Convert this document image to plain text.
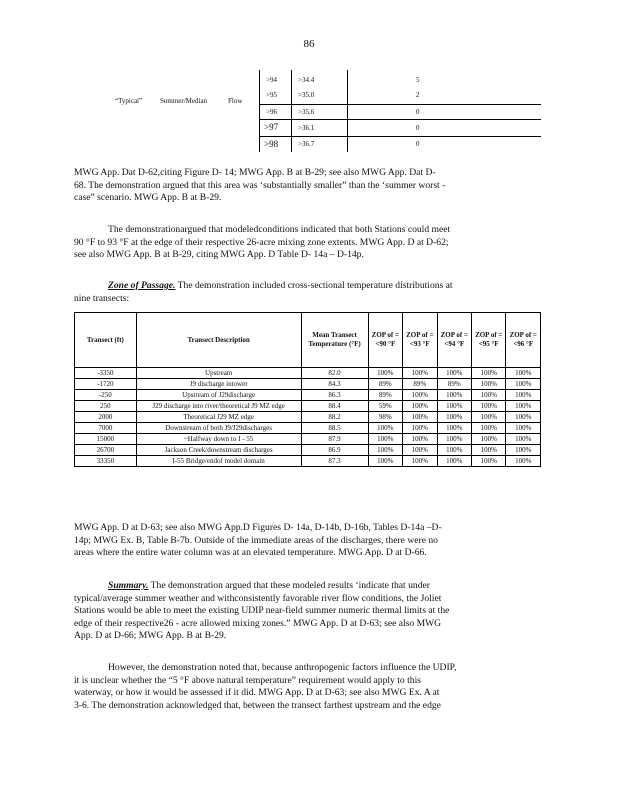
86
“Typical”	Summer/Median	Flow
>94	>34.4	5
>95	>35.0	2
>96	>35.6	0
>97	>36.1	0
>98	>36.7	0
MWG App. Dat D-62,citing Figure D- 14; MWG App. B at B-29; see also MWG App. Dat D-
68. The demonstration argued that this area was ‘substantially smaller” than the ‘summer worst -
case” scenario. MWG App. B at B-29.
The demonstrationargued that modeledconditions indicated that both Stations could meet
90 °F to 93 °F at the edge of their respective 26-acre mixing zone extents. MWG App. D at D-62;
see also MWG App. B at B-29, citing MWG App. D Table D- 14a – D-14p.
Zone of Passage. The demonstration included cross-sectional temperature distributions at
nine transects:
Transect (ft)	Transect Description	Mean Transect Temperature (°F)	ZOP of =<90 °F	ZOP of =<93 °F	ZOP of =<94 °F	ZOP of =<95 °F	ZOP of =<96 °F
-3350	Upstream	82.0	100%	100%	100%	100%	100%
-1720	J9 discharge intower	84.3	89%	89%	89%	100%	100%
-250	Upstream of J29discharge	86.3	89%	100%	100%	100%	100%
250	J29 discharge into river/theoretical J9 MZ edge	88.4	59%	100%	100%	100%	100%
2000	Theoretical J29 MZ edge	88.2	98%	100%	100%	100%	100%
7000	Downstream of both J9/J29discharges	88.5	100%	100%	100%	100%	100%
15000	~Halfway down to I - 55	87.9	100%	100%	100%	100%	100%
26700	Jackson Creek/downstream discharges	86.9	100%	100%	100%	100%	100%
33350	I-55 Bridge/endof model domain	87.3	100%	100%	100%	100%	100%
MWG App. D at D-63; see also MWG App.D Figures D- 14a, D-14b, D-16b, Tables D-14a –D-
14p; MWG Ex. B, Table B-7b. Outside of the immediate areas of the discharges, there were no
areas where the entire water column was at an elevated temperature. MWG App. D at D-66.
Summary. The demonstration argued that these modeled results ‘indicate that under
typical/average summer weather and withconsistently favorable river flow conditions, the Joliet
Stations would be able to meet the existing UDIP near-field summer numeric thermal limits at the
edge of their respective26 - acre allowed mixing zones.” MWG App. D at D-63; see also MWG
App. D at D-66; MWG App. B at B-29.
However, the demonstration noted that, because anthropogenic factors influence the UDIP,
it is unclear whether the “5 °F above natural temperature” requirement would apply to this
waterway, or how it would be assessed if it did. MWG App. D at D-63; see also MWG Ex. A at
3-6. The demonstration acknowledged that, between the transect farthest upstream and the edge
